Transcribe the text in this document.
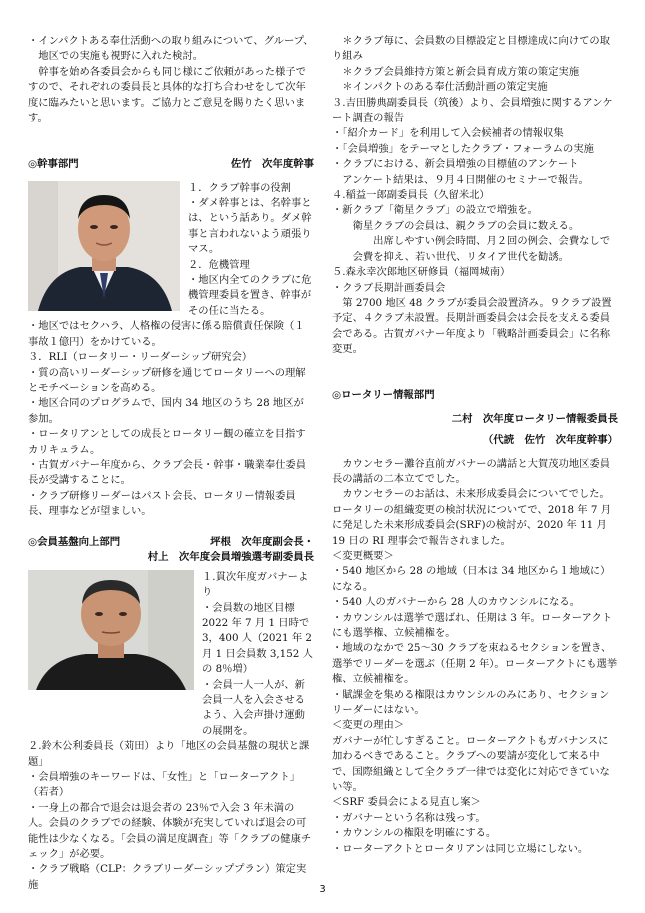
・インパクトある奉仕活動への取り組みについて、グループ、地区での実施も視野に入れた検討。

　幹事を始め各委員会からも同じ様にご依頼があった様子ですので、それぞれの委員長と具体的な打ち合わせをして次年度に臨みたいと思います。ご協力とご意見を賜りたく思います。

◎幹事部門	佐竹　次年度幹事

１．クラブ幹事の役割

・ダメ幹事とは、名幹事とは、という話あり。ダメ幹事と言われないよう頑張りマス。

２．危機管理

・地区内全てのクラブに危機管理委員を置き、幹事がその任に当たる。

・地区ではセクハラ、人格権の侵害に係る賠償責任保険（１事故１億円）をかけている。

３．RLI（ロータリー・リーダーシップ研究会）

・質の高いリーダーシップ研修を通じてロータリーへの理解とモチベーションを高める。

・地区合同のプログラムで、国内 34 地区のうち 28 地区が参加。

・ロータリアンとしての成長とロータリー観の確立を目指すカリキュラム。

・古賀ガバナー年度から、クラブ会長・幹事・職業奉仕委員長が受講することに。

・クラブ研修リーダーはパスト会長、ロータリー情報委員長、理事などが望ましい。

◎会員基盤向上部門	坪根　次年度副会長・
村上　次年度会員増強選考副委員長

１.貫次年度ガバナーより

・会員数の地区目標2022 年 7 月 1 日時で 3，400 人（2021 年 2月 1 日会員数 3,152 人の 8％増）

・会員一人一人が、新会員一人を入会させるよう、入会声掛け運動の展開を。

２.鈴木公利委員長（苅田）より「地区の会員基盤の現状と課題」

・会員増強のキーワードは、「女性」と「ローターアクト」（若者）

・一身上の都合で退会は退会者の 23％で入会 3 年未満の人。会員のクラブでの経験、体験が充実していれば退会の可能性は少なくなる。「会員の満足度調査」等「クラブの健康チェック」が必要。

・クラブ戦略（CLP：クラブリーダーシッププラン）策定実施

　＊クラブ毎に、会員数の目標設定と目標達成に向けての取り組み

　＊クラブ会員維持方策と新会員育成方策の策定実施

　＊インパクトのある奉仕活動計画の策定実施

３.吉田勝典副委員長（筑後）より、会員増強に関するアンケート調査の報告

・「紹介カード」を利用して入会候補者の情報収集

・「会員増強」をテーマとしたクラブ・フォーラムの実施

・クラブにおける、新会員増強の目標値のアンケート

　アンケート結果は、９月４日開催のセミナーで報告。

４.稲益一郎副委員長（久留米北）

・新クラブ「衛星クラブ」の設立で増強を。

　　衛星クラブの会員は、親クラブの会員に数える。

　　出席しやすい例会時間、月２回の例会、会費なしで会費を抑え、若い世代、リタイア世代を勧誘。

５.森永幸次郎地区研修員（福岡城南）

・クラブ長期計画委員会

　第 2700 地区 48 クラブが委員会設置済み。９クラブ設置予定、４クラブ未設置。長期計画委員会は会長を支える委員会である。古賀ガバナー年度より「戦略計画委員会」に名称変更。

◎ロータリー情報部門
二村　次年度ロータリー情報委員長
（代読　佐竹　次年度幹事）

　カウンセラー灘谷直前ガバナーの講話と大賀茂功地区委員長の講話の二本立てでした。

　カウンセラーのお話は、未来形成委員会についてでした。ロータリーの組織変更の検討状況についてで、2018 年 7 月に発足した未来形成委員会(SRF)の検討が、2020 年 11 月 19 日の RI 理事会で報告されました。

＜変更概要＞

・540 地区から 28 の地域（日本は 34 地区から１地域に）になる。

・540 人のガバナーから 28 人のカウンシルになる。

・カウンシルは選挙で選ばれ、任期は 3 年。ローターアクトにも選挙権、立候補権を。

・地域のなかで 25～30 クラブを束ねるセクションを置き、選挙でリーダーを選ぶ（任期 2 年）。ローターアクトにも選挙権、立候補権を。

・賦課金を集める権限はカウンシルのみにあり、セクションリーダーにはない。

＜変更の理由＞

ガバナーが忙しすぎること。ローターアクトもガバナンスに加わるべきであること。クラブへの要請が変化して来る中で、国際組織として全クラブ一律では変化に対応できていない等。

＜SRF 委員会による見直し案＞

・ガバナーという名称は残っす。

・カウンシルの権限を明確にする。

・ローターアクトとロータリアンは同じ立場にしない。

3
